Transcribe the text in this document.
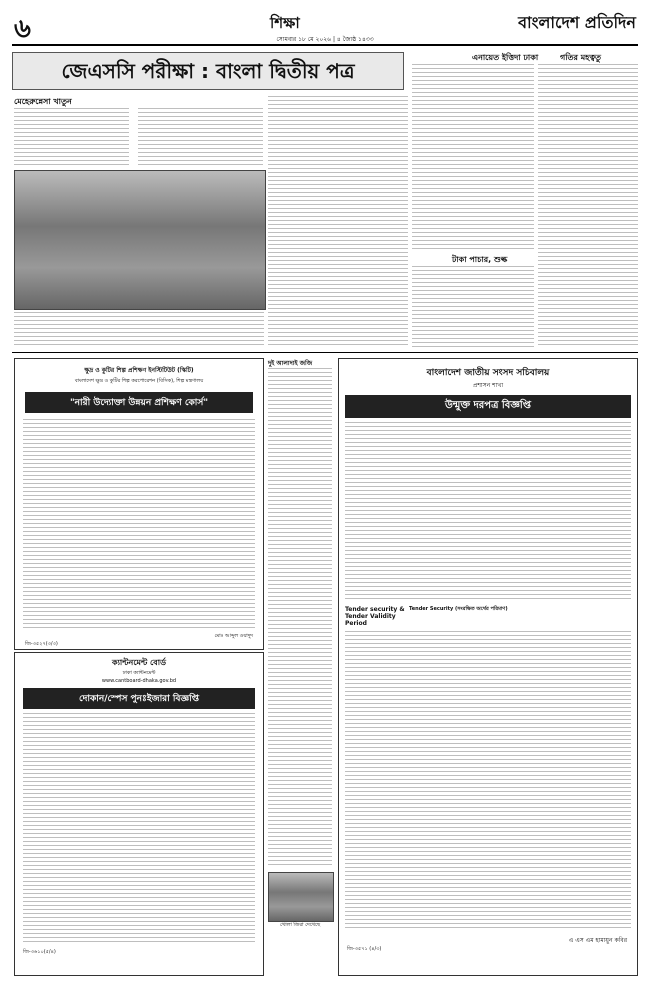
৬	শিক্ষা
সোমবার ১৮ মে ২০২৬ | ৪ জ্যৈষ্ঠ ১৪৩৩
বাংলাদেশ প্রতিদিন
জেএসসি পরীক্ষা : বাংলা দ্বিতীয় পত্র
মেহেরুন্নেসা খাতুন
এনায়েত ইত্তিদা ঢাকা	গতির মহত্বতু
টাকা পাচার, শুল্ক
ক্ষুদ্র ও কুটির শিল্প প্রশিক্ষণ ইনস্টিটিউট (স্কিটি)
বাংলাদেশ ক্ষুদ্র ও কুটির শিল্প করপোরেশন (বিসিক), শিল্প মন্ত্রণালয়
"নারী উদ্যোক্তা উন্নয়ন প্রশিক্ষণ কোর্স"
মোঃ আব্দুল ওয়াদুদ
জি-৩৫২৭(৩/৩)
ক্যান্টনমেন্ট বোর্ড
ঢাকা ক্যান্টনমেন্ট
www.cantboard-dhaka.gov.bd
দোকান/স্পেস পুনঃইজারা বিজ্ঞপ্তি
জি-৩৬১০(৫/৪)
দুই আলাদাই জজি
খোলা জিরা দেখেছে
বাংলাদেশ জাতীয় সংসদ সচিবালয়
প্রশাসন শাখা
উন্মুক্ত দরপত্র বিজ্ঞপ্তি
Tender security & Tender Validity Period
Tender Security (সংরক্ষিত অর্থের পরিমাণ)
এ এস এম হামায়ুন কবির
জি-৩৫৭১ (৪/৩)
